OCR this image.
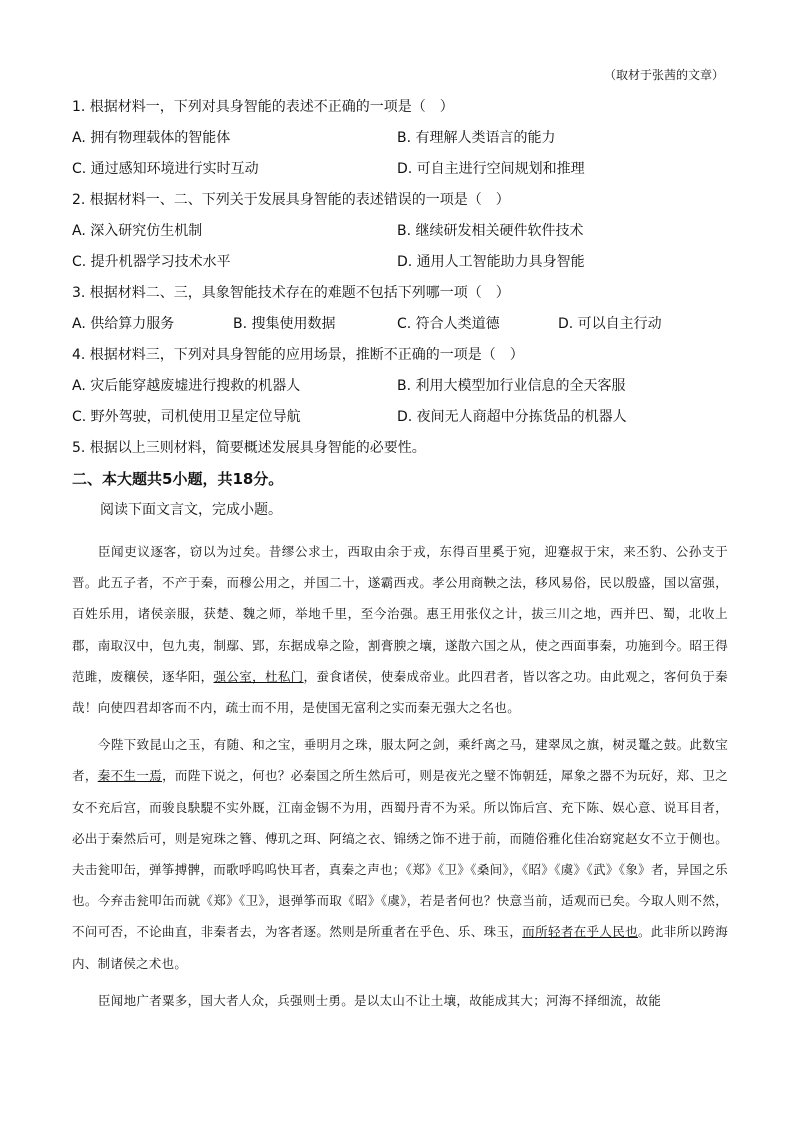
（取材于张茜的文章）
1. 根据材料一，下列对具身智能的表述不正确的一项是（　）
A. 拥有物理载体的智能体	B. 有理解人类语言的能力
C. 通过感知环境进行实时互动	D. 可自主进行空间规划和推理
2. 根据材料一、二、下列关于发展具身智能的表述错误的一项是（　）
A. 深入研究仿生机制	B. 继续研发相关硬件软件技术
C. 提升机器学习技术水平	D. 通用人工智能助力具身智能
3. 根据材料二、三，具象智能技术存在的难题不包括下列哪一项（　）
A. 供给算力服务	B. 搜集使用数据	C. 符合人类道德	D. 可以自主行动
4. 根据材料三，下列对具身智能的应用场景，推断不正确的一项是（　）
A. 灾后能穿越废墟进行搜救的机器人	B. 利用大模型加行业信息的全天客服
C. 野外驾驶，司机使用卫星定位导航	D. 夜间无人商超中分拣货品的机器人
5. 根据以上三则材料，简要概述发展具身智能的必要性。
二、本大题共5小题，共18分。
阅读下面文言文，完成小题。

臣闻吏议逐客，窃以为过矣。昔缪公求士，西取由余于戎，东得百里奚于宛，迎蹇叔于宋，来丕豹、公孙支于晋。此五子者，不产于秦，而穆公用之，并国二十，遂霸西戎。孝公用商鞅之法，移风易俗，民以殷盛，国以富强，百姓乐用，诸侯亲服，获楚、魏之师，举地千里，至今治强。惠王用张仪之计，拔三川之地，西并巴、蜀，北收上郡，南取汉中，包九夷，制鄢、郢，东据成皋之险，割膏腴之壤，遂散六国之从，使之西面事秦，功施到今。昭王得范雎，废穰侯，逐华阳，强公室，杜私门，蚕食诸侯，使秦成帝业。此四君者，皆以客之功。由此观之，客何负于秦哉！向使四君却客而不内，疏士而不用，是使国无富利之实而秦无强大之名也。

今陛下致昆山之玉，有随、和之宝，垂明月之珠，服太阿之剑，乘纤离之马，建翠凤之旗，树灵鼍之鼓。此数宝者，秦不生一焉，而陛下说之，何也？必秦国之所生然后可，则是夜光之璧不饰朝廷，犀象之器不为玩好，郑、卫之女不充后宫，而骏良駃騠不实外厩，江南金锡不为用，西蜀丹青不为采。所以饰后宫、充下陈、娱心意、说耳目者，必出于秦然后可，则是宛珠之簪、傅玑之珥、阿缟之衣、锦绣之饰不进于前，而随俗雅化佳冶窈窕赵女不立于侧也。夫击瓮叩缶，弹筝搏髀，而歌呼呜呜快耳者，真秦之声也；《郑》《卫》《桑间》，《昭》《虞》《武》《象》者，异国之乐也。今弃击瓮叩缶而就《郑》《卫》，退弹筝而取《昭》《虞》，若是者何也？快意当前，适观而已矣。今取人则不然，不问可否，不论曲直，非秦者去，为客者逐。然则是所重者在乎色、乐、珠玉，而所轻者在乎人民也。此非所以跨海内、制诸侯之术也。

臣闻地广者粟多，国大者人众，兵强则士勇。是以太山不让土壤，故能成其大；河海不择细流，故能
